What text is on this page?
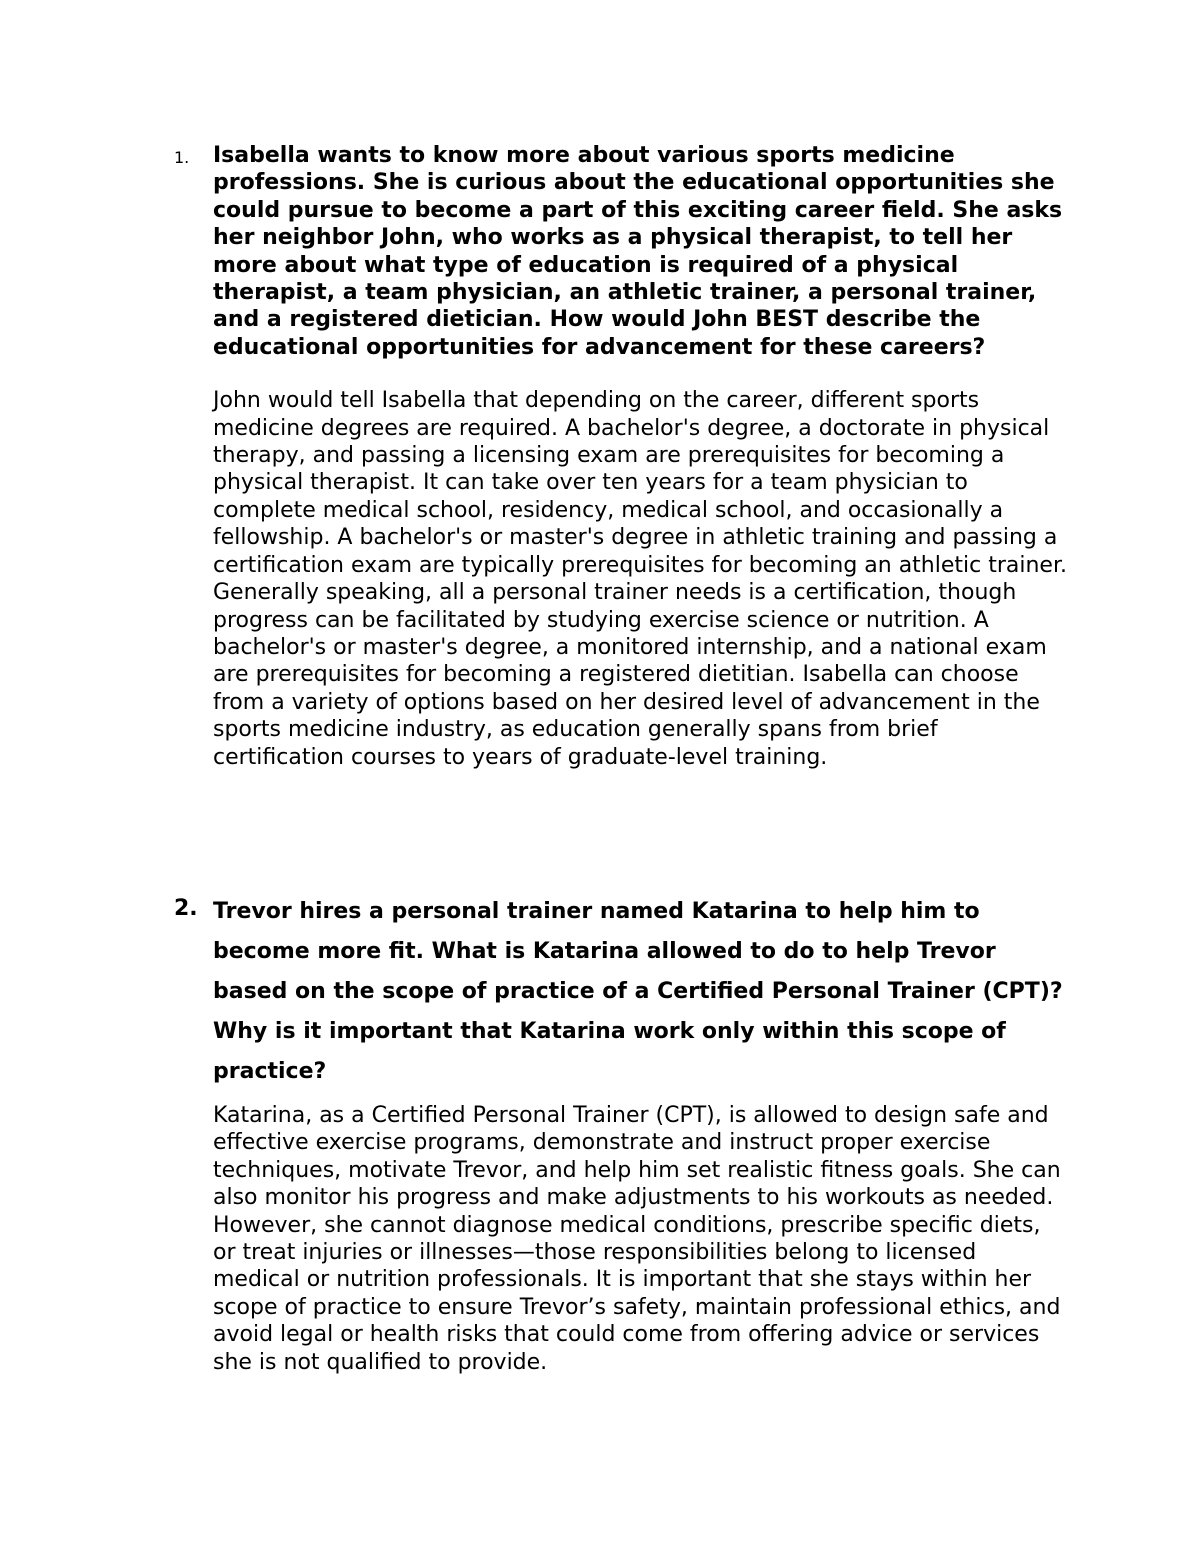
1. Isabella wants to know more about various sports medicine professions. She is curious about the educational opportunities she could pursue to become a part of this exciting career field. She asks her neighbor John, who works as a physical therapist, to tell her more about what type of education is required of a physical therapist, a team physician, an athletic trainer, a personal trainer, and a registered dietician. How would John BEST describe the educational opportunities for advancement for these careers?

John would tell Isabella that depending on the career, different sports medicine degrees are required. A bachelor's degree, a doctorate in physical therapy, and passing a licensing exam are prerequisites for becoming a physical therapist. It can take over ten years for a team physician to complete medical school, residency, medical school, and occasionally a fellowship. A bachelor's or master's degree in athletic training and passing a certification exam are typically prerequisites for becoming an athletic trainer. Generally speaking, all a personal trainer needs is a certification, though progress can be facilitated by studying exercise science or nutrition. A bachelor's or master's degree, a monitored internship, and a national exam are prerequisites for becoming a registered dietitian. Isabella can choose from a variety of options based on her desired level of advancement in the sports medicine industry, as education generally spans from brief certification courses to years of graduate-level training.

2. Trevor hires a personal trainer named Katarina to help him to become more fit. What is Katarina allowed to do to help Trevor based on the scope of practice of a Certified Personal Trainer (CPT)? Why is it important that Katarina work only within this scope of practice?

Katarina, as a Certified Personal Trainer (CPT), is allowed to design safe and effective exercise programs, demonstrate and instruct proper exercise techniques, motivate Trevor, and help him set realistic fitness goals. She can also monitor his progress and make adjustments to his workouts as needed. However, she cannot diagnose medical conditions, prescribe specific diets, or treat injuries or illnesses—those responsibilities belong to licensed medical or nutrition professionals. It is important that she stays within her scope of practice to ensure Trevor’s safety, maintain professional ethics, and avoid legal or health risks that could come from offering advice or services she is not qualified to provide.
